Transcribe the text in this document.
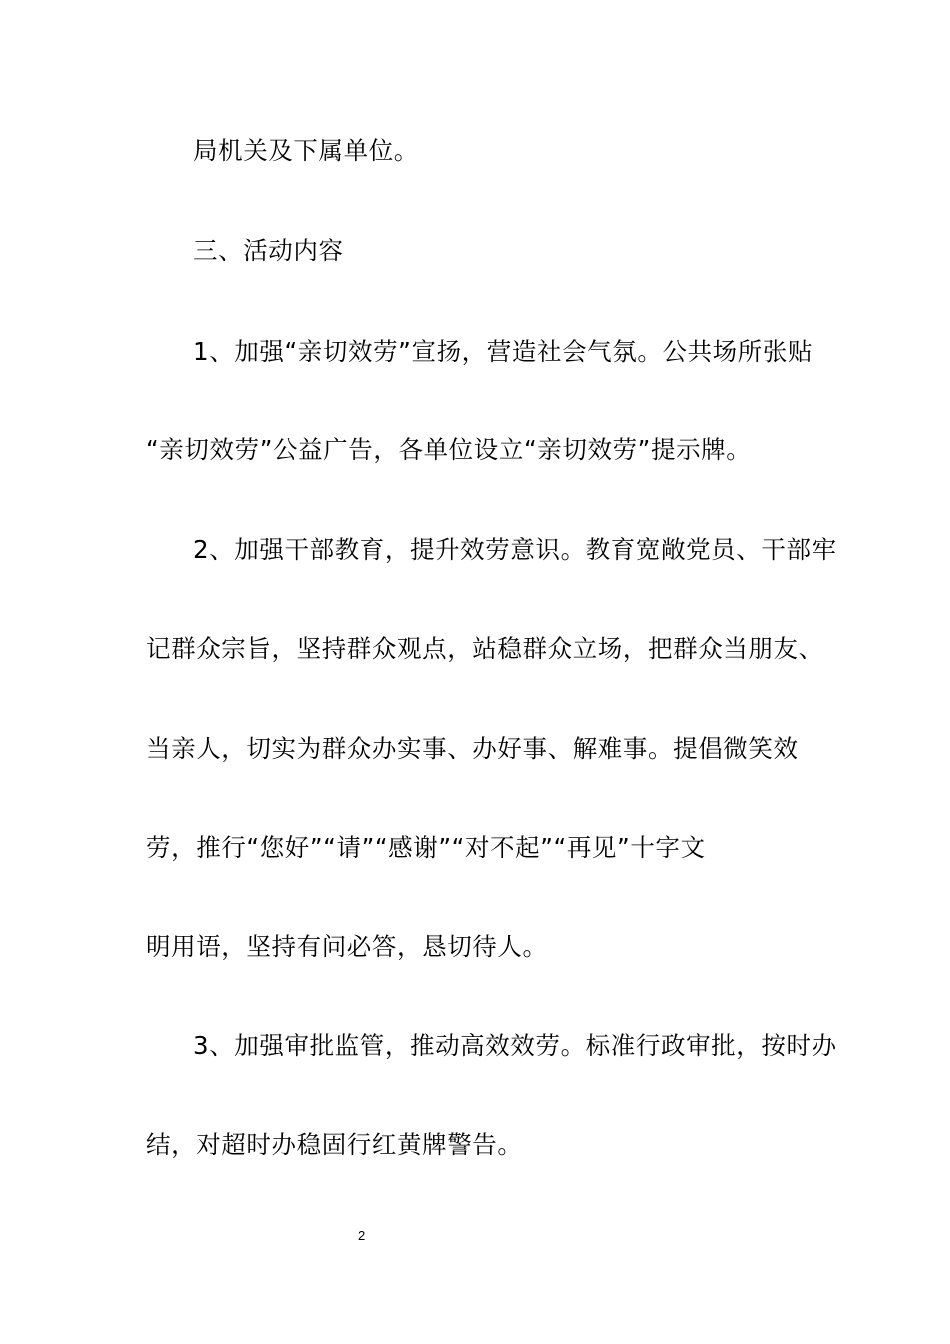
局机关及下属单位。
三、活动内容
1、加强“亲切效劳”宣扬，营造社会气氛。公共场所张贴
“亲切效劳”公益广告，各单位设立“亲切效劳”提示牌。
2、加强干部教育，提升效劳意识。教育宽敞党员、干部牢
记群众宗旨，坚持群众观点，站稳群众立场，把群众当朋友、
当亲人，切实为群众办实事、办好事、解难事。提倡微笑效
劳，推行“您好”“请”“感谢”“对不起”“再见”十字文
明用语，坚持有问必答，恳切待人。
3、加强审批监管，推动高效效劳。标准行政审批，按时办
结，对超时办稳固行红黄牌警告。
2
